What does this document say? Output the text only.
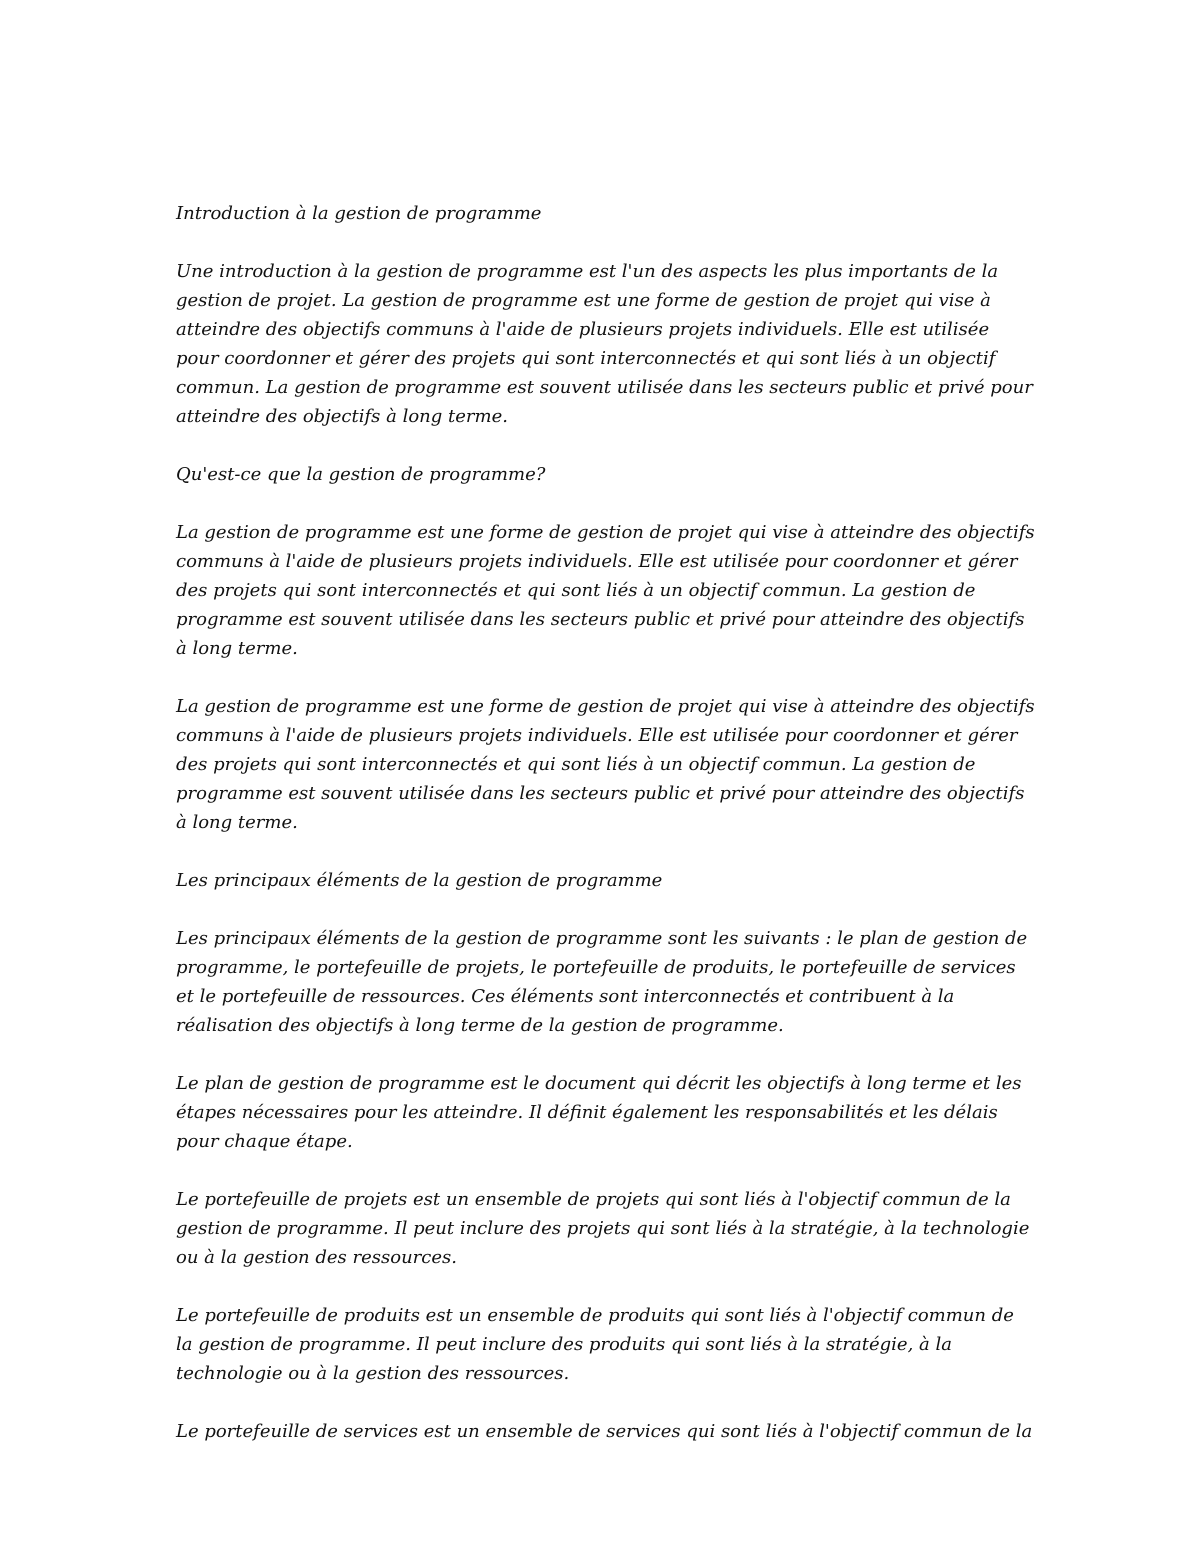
Introduction à la gestion de programme

Une introduction à la gestion de programme est l'un des aspects les plus importants de la gestion de projet. La gestion de programme est une forme de gestion de projet qui vise à atteindre des objectifs communs à l'aide de plusieurs projets individuels. Elle est utilisée pour coordonner et gérer des projets qui sont interconnectés et qui sont liés à un objectif commun. La gestion de programme est souvent utilisée dans les secteurs public et privé pour atteindre des objectifs à long terme.

Qu'est-ce que la gestion de programme?

La gestion de programme est une forme de gestion de projet qui vise à atteindre des objectifs communs à l'aide de plusieurs projets individuels. Elle est utilisée pour coordonner et gérer des projets qui sont interconnectés et qui sont liés à un objectif commun. La gestion de programme est souvent utilisée dans les secteurs public et privé pour atteindre des objectifs à long terme.

La gestion de programme est une forme de gestion de projet qui vise à atteindre des objectifs communs à l'aide de plusieurs projets individuels. Elle est utilisée pour coordonner et gérer des projets qui sont interconnectés et qui sont liés à un objectif commun. La gestion de programme est souvent utilisée dans les secteurs public et privé pour atteindre des objectifs à long terme.

Les principaux éléments de la gestion de programme

Les principaux éléments de la gestion de programme sont les suivants : le plan de gestion de programme, le portefeuille de projets, le portefeuille de produits, le portefeuille de services et le portefeuille de ressources. Ces éléments sont interconnectés et contribuent à la réalisation des objectifs à long terme de la gestion de programme.

Le plan de gestion de programme est le document qui décrit les objectifs à long terme et les étapes nécessaires pour les atteindre. Il définit également les responsabilités et les délais pour chaque étape.

Le portefeuille de projets est un ensemble de projets qui sont liés à l'objectif commun de la gestion de programme. Il peut inclure des projets qui sont liés à la stratégie, à la technologie ou à la gestion des ressources.

Le portefeuille de produits est un ensemble de produits qui sont liés à l'objectif commun de la gestion de programme. Il peut inclure des produits qui sont liés à la stratégie, à la technologie ou à la gestion des ressources.

Le portefeuille de services est un ensemble de services qui sont liés à l'objectif commun de la
